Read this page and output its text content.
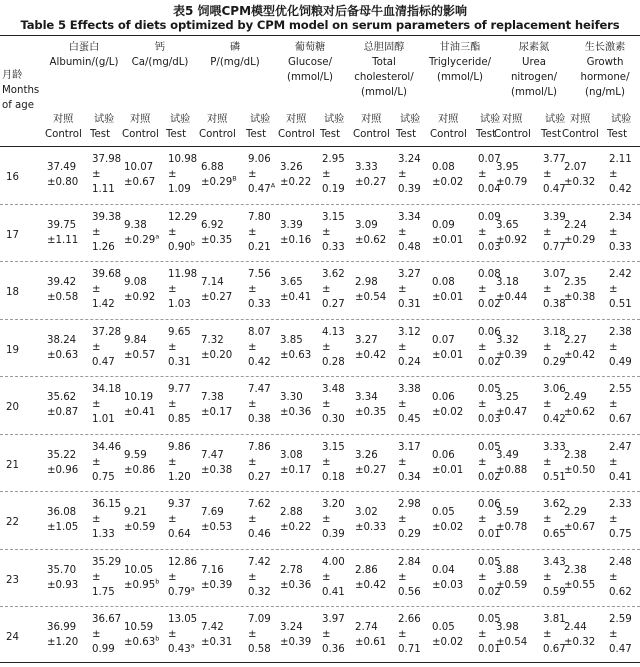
表5 饲喂CPM模型优化饲粮对后备母牛血清指标的影响
Table 5 Effects of diets optimized by CPM model on serum parameters of replacement heifers
月龄
Months
of age
16
37.49
±0.80
37.98
±
1.11
10.07
±0.67
10.98
±
1.09
6.88
$\pm 0.29^B$
9.06
±
$0.47^A$
3.26
±0.22
2.95
±
0.19
3.33
±0.27
3.24
±
0.39
0.08
±0.02
0.07
±
0.04
3.95
±0.79
3.77
±
0.47
2.07
±0.32
2.11
±
0.42
17
39.75
±1.11
39.38
±
1.26
9.38
±0.29$^a$
12.29
±
0.90$^b$
6.92
±0.35
7.80
±
0.21
3.39
±0.16
3.15
±
0.33
3.09
±0.62
3.34
±
0.48
0.09
±0.01
0.09
±
0.03
3.65
±0.92
3.39
±
0.77
2.24
±0.29
2.34
±
0.33
18
39.42
±0.58
39.68
±
1.42
9.08
±0.92
11.98
±
1.03
7.14
±0.27
7.56
±
0.33
3.65
±0.41
3.62
±
0.27
2.98
±0.54
3.27
±
0.31
0.08
±0.01
0.08
±
0.02
3.18
±0.44
3.07
±
0.38
2.35
±0.38
2.42
±
0.51
19
38.24
±0.63
37.28
±
0.47
9.84
±0.57
9.65
±
0.31
7.32
±0.20
8.07
±
0.42
3.85
±0.63
4.13
±
0.28
3.27
±0.42
3.12
±
0.24
0.07
±0.01
0.06
±
0.02
3.32
±0.39
3.18
±
0.29
2.27
±0.42
2.38
±
0.49
20
35.62
±0.87
34.18
±
1.01
10.19
±0.41
9.77
±
0.85
7.38
±0.17
7.47
±
0.38
3.30
±0.36
3.48
±
0.30
3.34
±0.35
3.38
±
0.45
0.06
±0.02
0.05
±
0.03
3.25
±0.47
3.06
±
0.42
2.49
±0.62
2.55
±
0.67
21
35.22
±0.96
34.46
±
0.75
9.59
±0.86
9.86
±
1.20
7.47
±0.38
7.86
±
0.27
3.08
±0.17
3.15
±
0.18
3.26
±0.27
3.17
±
0.34
0.06
±0.01
0.05
±
0.02
3.49
±0.88
3.33
±
0.51
2.38
±0.50
2.47
±
0.41
22
36.08
±1.05
36.15
±
1.33
9.21
±0.59
9.37
±
0.64
7.69
±0.53
7.62
±
0.46
2.88
±0.22
3.20
±
0.39
3.02
±0.33
2.98
±
0.29
0.05
±0.02
0.06
±
0.01
3.59
±0.78
3.62
±
0.65
2.29
±0.67
2.33
±
0.75
23
35.70
±0.93
35.29
±
1.75
10.05
±0.95$^b$
12.86
±
0.79$^a$
7.16
±0.39
7.42
±
0.32
2.78
±0.36
4.00
±
0.41
2.86
±0.42
2.84
±
0.56
0.04
±0.03
0.05
±
0.02
3.88
±0.59
3.43
±
0.59
2.38
±0.55
2.48
±
0.62
24
36.99
±1.20
36.67
±
0.99
10.59
±0.63$^b$
13.05
±
0.43$^a$
7.42
±0.31
7.09
±
0.58
3.24
±0.39
3.97
±
0.36
2.74
±0.61
2.66
±
0.71
0.05
±0.02
0.05
±
0.01
3.98
±0.54
3.81
±
0.67
2.44
±0.32
2.59
±
0.47
白蛋白
Albumin/(g/L)
钙
Ca/(mg/dL)
磷
P/(mg/dL)
葡萄糖
Glucose/
(mmol/L)
总胆固醇
Total
cholesterol/
(mmol/L)
甘油三酯
Triglyceride/
(mmol/L)
尿素氮
Urea
nitrogen/
(mmol/L)
生长激素
Growth
hormone/
(ng/mL)
对照
Control
试验
Test
对照
Control
试验
Test
对照
Control
试验
Test
对照
Control
试验
Test
对照
Control
试验
Test
对照
Control
试验
Test
对照
Control
试验
Test
对照
Control
试验
Test
